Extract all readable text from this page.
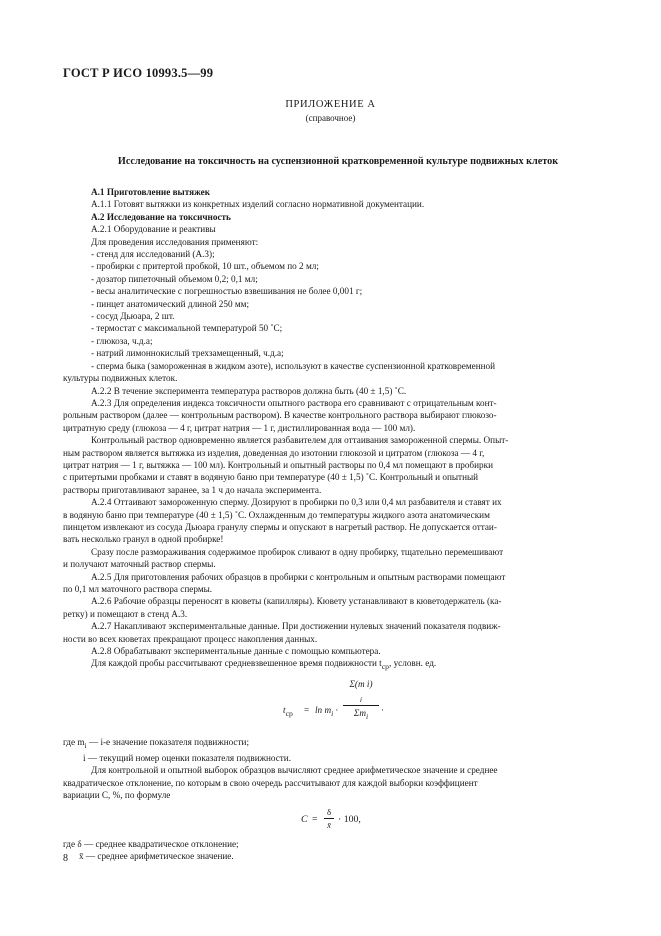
ГОСТ Р ИСО 10993.5—99
ПРИЛОЖЕНИЕ А
(справочное)
Исследование на токсичность на суспензионной кратковременной культуре подвижных клеток

А.1 Приготовление вытяжек

А.1.1 Готовят вытяжки из конкретных изделий согласно нормативной документации.

А.2 Исследование на токсичность

А.2.1 Оборудование и реактивы

Для проведения исследования применяют:

- стенд для исследований (А.3);

- пробирки с притертой пробкой, 10 шт., объемом по 2 мл;

- дозатор пипеточный объемом 0,2; 0,1 мл;

- весы аналитические с погрешностью взвешивания не более 0,001 г;

- пинцет анатомический длиной 250 мм;

- сосуд Дьюара, 2 шт.

- термостат с максимальной температурой 50 ˚С;

- глюкоза, ч.д.а;

- натрий лимоннокислый трехзамещенный, ч.д.а;

- сперма быка (замороженная в жидком азоте), используют в качестве суспензионной кратковременной

культуры подвижных клеток.

А.2.2 В течение эксперимента температура растворов должна быть (40 ± 1,5) ˚С.

А.2.3 Для определения индекса токсичности опытного раствора его сравнивают с отрицательным конт-

рольным раствором (далее — контрольным раствором). В качестве контрольного раствора выбирают глюкозо-

цитратную среду (глюкоза — 4 г, цитрат натрия — 1 г, дистиллированная вода — 100 мл).

Контрольный раствор одновременно является разбавителем для оттаивания замороженной спермы. Опыт-

ным раствором является вытяжка из изделия, доведенная до изотонии глюкозой и цитратом (глюкоза — 4 г,

цитрат натрия — 1 г, вытяжка — 100 мл). Контрольный и опытный растворы по 0,4 мл помещают в пробирки

с притертыми пробками и ставят в водяную баню при температуре (40 ± 1,5) ˚С. Контрольный и опытный

растворы приготавливают заранее, за 1 ч до начала эксперимента.

А.2.4 Оттаивают замороженную сперму. Дозируют в пробирки по 0,3 или 0,4 мл разбавителя и ставят их

в водяную баню при температуре (40 ± 1,5) ˚С. Охлажденным до температуры жидкого азота анатомическим

пинцетом извлекают из сосуда Дьюара гранулу спермы и опускают в нагретый раствор. Не допускается оттаи-

вать несколько гранул в одной пробирке!

Сразу после размораживания содержимое пробирок сливают в одну пробирку, тщательно перемешивают

и получают маточный раствор спермы.

А.2.5 Для приготовления рабочих образцов в пробирки с контрольным и опытным растворами помещают

по 0,1 мл маточного раствора спермы.

А.2.6 Рабочие образцы переносят в кюветы (капилляры). Кювету устанавливают в кюветодержатель (ка-

ретку) и помещают в стенд А.3.

А.2.7 Накапливают экспериментальные данные. При достижении нулевых значений показателя подвиж-

ности во всех кюветах прекращают процесс накопления данных.

А.2.8 Обрабатывают экспериментальные данные с помощью компьютера.

Для каждой пробы рассчитывают средневзвешенное время подвижности $t_{ср}$, условн. ед.

$t_{ср} = \ln m_i$ ·
Σ(m i)
$_i$
$\Sigma m_i$
·

где $m_i$ — i-е значение показателя подвижности;

i — текущий номер оценки показателя подвижности.

Для контрольной и опытной выборок образцов вычисляют среднее арифметическое значение и среднее

квадратическое отклонение, по которым в свою очередь рассчитывают для каждой выборки коэффициент

вариации C, %, по формуле

C =
δ
x̄
· 100,

где δ — среднее квадратическое отклонение;

x̄ — среднее арифметическое значение.

8
